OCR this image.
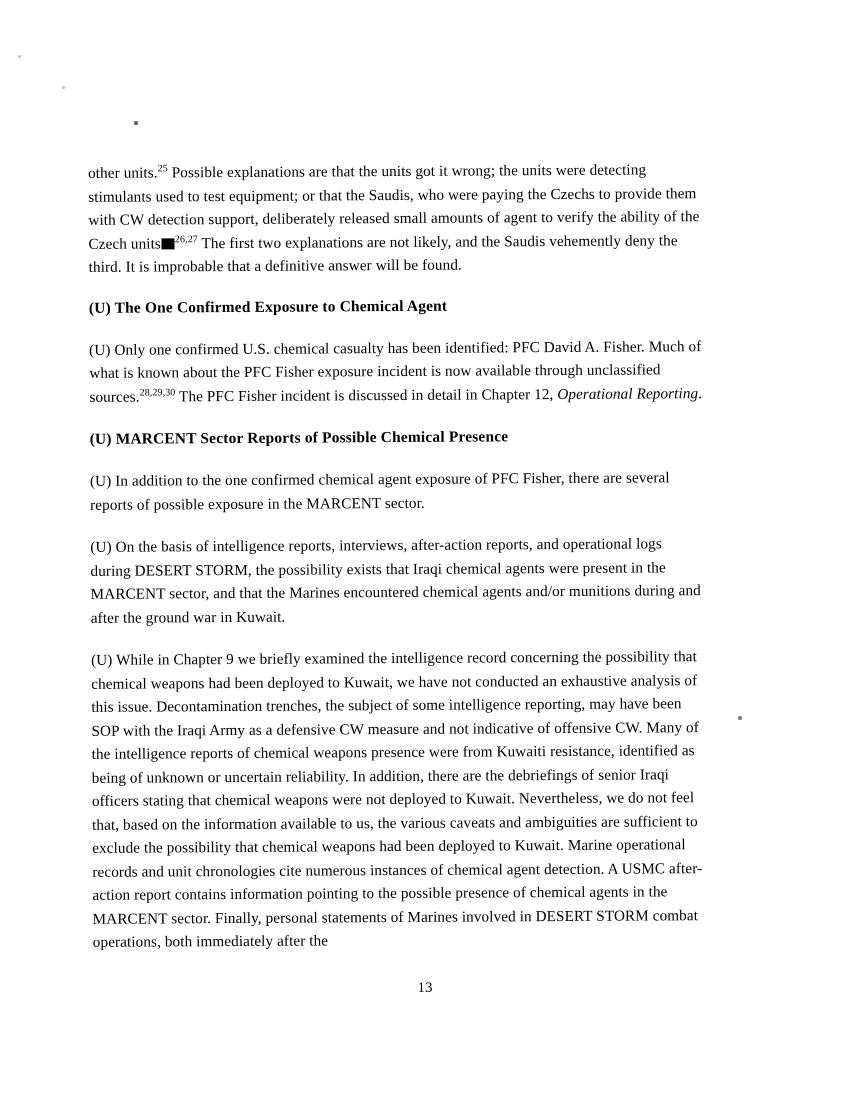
other units.$^{25}$ Possible explanations are that the units got it wrong; the units were detecting stimulants used to test equipment; or that the Saudis, who were paying the Czechs to provide them with CW detection support, deliberately released small amounts of agent to verify the ability of the Czech units $^{26,27}$ The first two explanations are not likely, and the Saudis vehemently deny the third. It is improbable that a definitive answer will be found.

(U) The One Confirmed Exposure to Chemical Agent

(U) Only one confirmed U.S. chemical casualty has been identified: PFC David A. Fisher. Much of what is known about the PFC Fisher exposure incident is now available through unclassified sources.$^{28,29,30}$ The PFC Fisher incident is discussed in detail in Chapter 12, Operational Reporting.

(U) MARCENT Sector Reports of Possible Chemical Presence

(U) In addition to the one confirmed chemical agent exposure of PFC Fisher, there are several reports of possible exposure in the MARCENT sector.

(U) On the basis of intelligence reports, interviews, after-action reports, and operational logs during DESERT STORM, the possibility exists that Iraqi chemical agents were present in the MARCENT sector, and that the Marines encountered chemical agents and/or munitions during and after the ground war in Kuwait.

(U) While in Chapter 9 we briefly examined the intelligence record concerning the possibility that chemical weapons had been deployed to Kuwait, we have not conducted an exhaustive analysis of this issue. Decontamination trenches, the subject of some intelligence reporting, may have been SOP with the Iraqi Army as a defensive CW measure and not indicative of offensive CW. Many of the intelligence reports of chemical weapons presence were from Kuwaiti resistance, identified as being of unknown or uncertain reliability. In addition, there are the debriefings of senior Iraqi officers stating that chemical weapons were not deployed to Kuwait. Nevertheless, we do not feel that, based on the information available to us, the various caveats and ambiguities are sufficient to exclude the possibility that chemical weapons had been deployed to Kuwait. Marine operational records and unit chronologies cite numerous instances of chemical agent detection. A USMC after-action report contains information pointing to the possible presence of chemical agents in the MARCENT sector. Finally, personal statements of Marines involved in DESERT STORM combat operations, both immediately after the

13
